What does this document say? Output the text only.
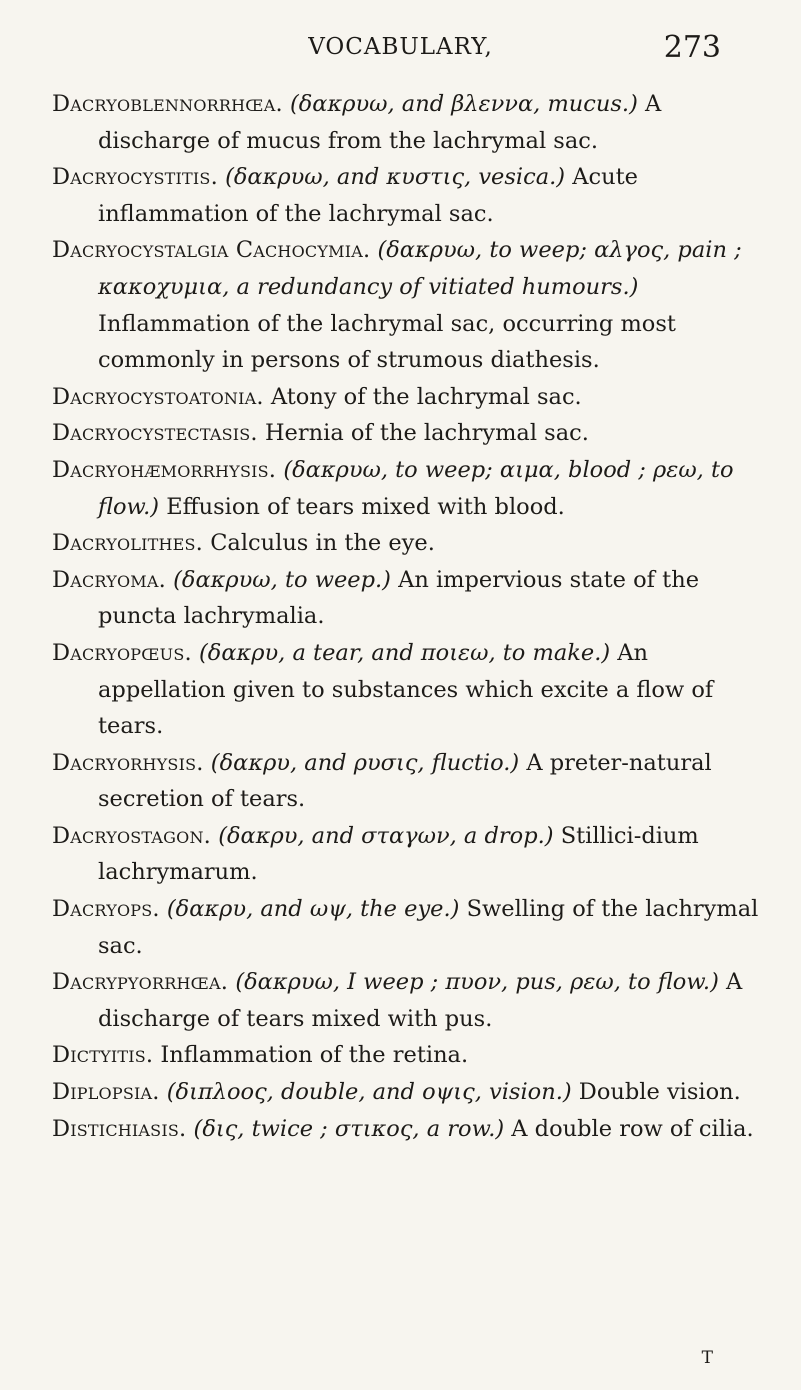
VOCABULARY,	273

Dacryoblennorrhœa. (δακρυω, and βλεννα, mucus.) A discharge of mucus from the lachrymal sac.

Dacryocystitis. (δακρυω, and κυστις, vesica.) Acute inflammation of the lachrymal sac.

Dacryocystalgia Cachocymia. (δακρυω, to weep; αλγος, pain ; κακοχυμια, a redundancy of vitiated humours.) Inflammation of the lachrymal sac, occurring most commonly in persons of strumous diathesis.

Dacryocystoatonia. Atony of the lachrymal sac.

Dacryocystectasis. Hernia of the lachrymal sac.

Dacryohæmorrhysis. (δακρυω, to weep; αιμα, blood ; ρεω, to flow.) Effusion of tears mixed with blood.

Dacryolithes. Calculus in the eye.

Dacryoma. (δακρυω, to weep.) An impervious state of the puncta lachrymalia.

Dacryopœus. (δακρυ, a tear, and ποιεω, to make.) An appellation given to substances which excite a flow of tears.

Dacryorhysis. (δακρυ, and ρυσις, fluctio.) A preter-natural secretion of tears.

Dacryostagon. (δακρυ, and σταγων, a drop.) Stillici-dium lachrymarum.

Dacryops. (δακρυ, and ωψ, the eye.) Swelling of the lachrymal sac.

Dacrypyorrhœa. (δακρυω, I weep ; πυον, pus, ρεω, to flow.) A discharge of tears mixed with pus.

Dictyitis. Inflammation of the retina.

Diplopsia. (διπλοος, double, and οψις, vision.) Double vision.

Distichiasis. (δις, twice ; στικος, a row.) A double row of cilia.

T
